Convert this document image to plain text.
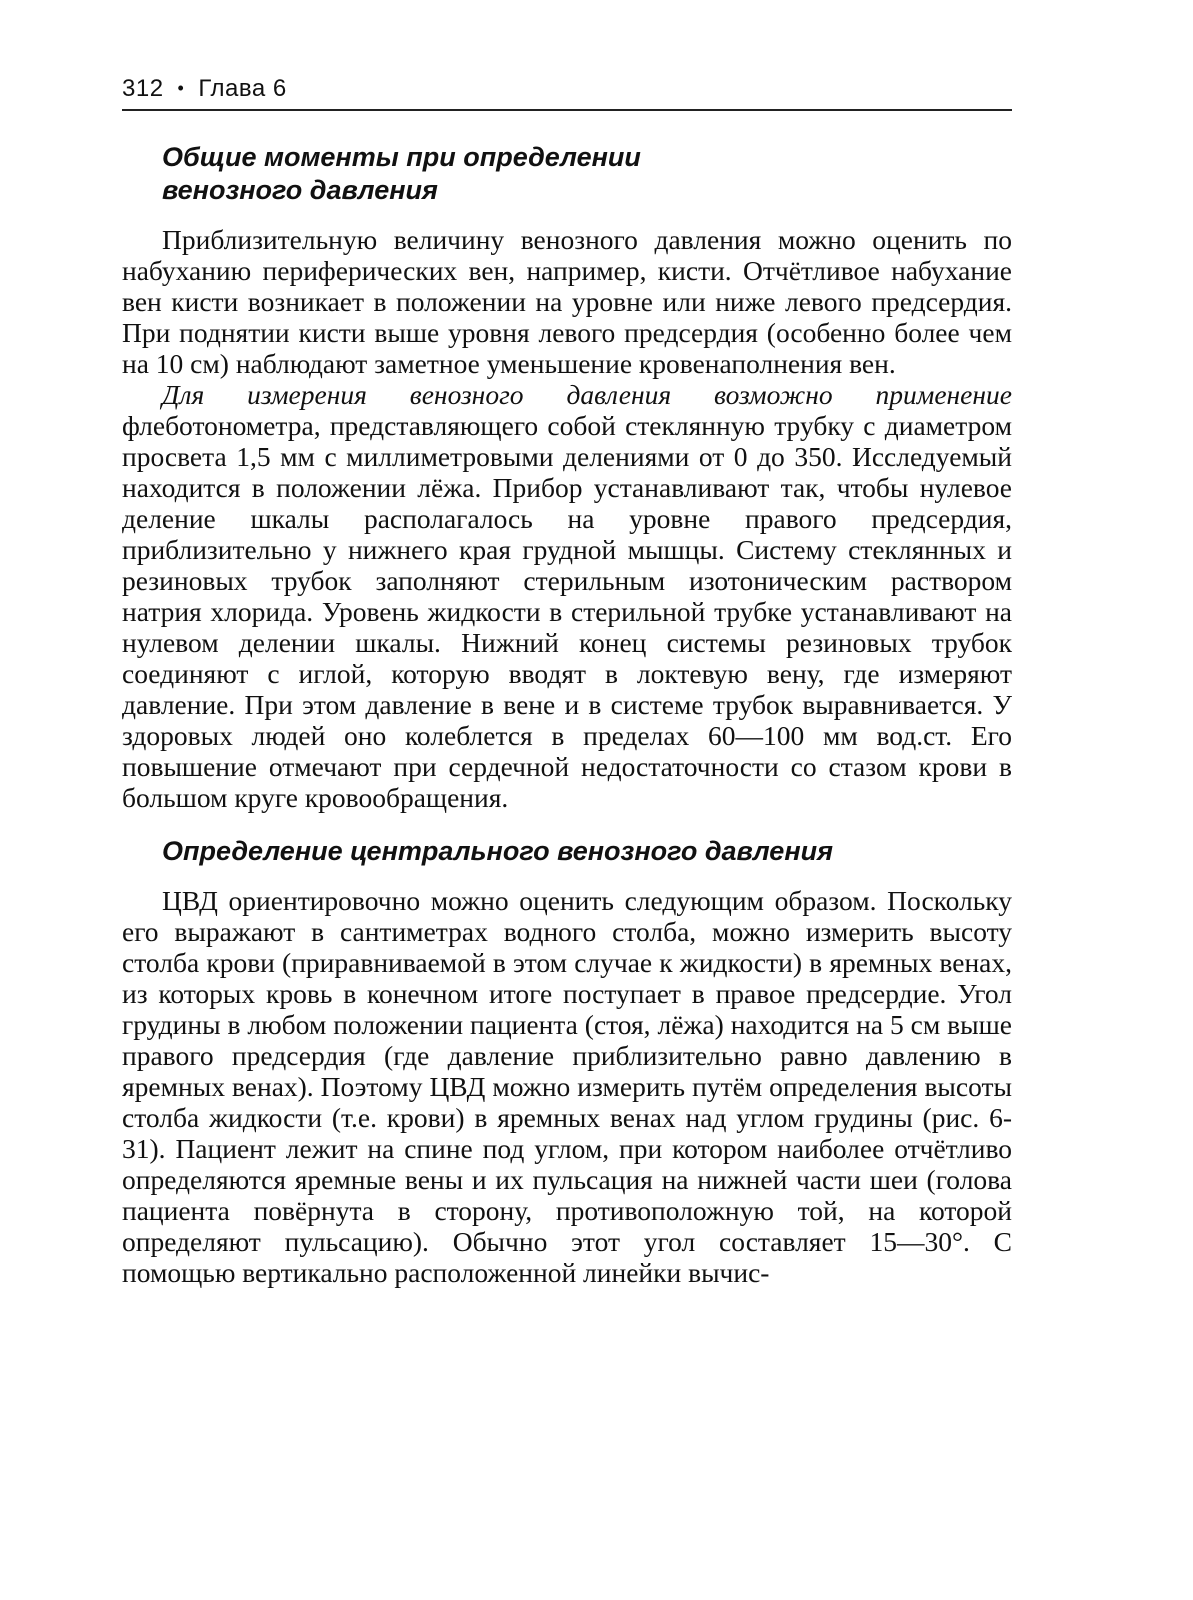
312 • Глава 6
Общие моменты при определении венозного давления

Приблизительную величину венозного давления можно оценить по набуханию периферических вен, например, кисти. Отчётливое набухание вен кисти возникает в положении на уровне или ниже левого предсердия. При поднятии кисти выше уровня левого предсердия (особенно более чем на 10 см) наблюдают заметное уменьшение кровенаполнения вен.

Для измерения венозного давления возможно применение флеботонометра, представляющего собой стеклянную трубку с диаметром просвета 1,5 мм с миллиметровыми делениями от 0 до 350. Исследуемый находится в положении лёжа. Прибор устанавливают так, чтобы нулевое деление шкалы располагалось на уровне правого предсердия, приблизительно у нижнего края грудной мышцы. Систему стеклянных и резиновых трубок заполняют стерильным изотоническим раствором натрия хлорида. Уровень жидкости в стерильной трубке устанавливают на нулевом делении шкалы. Нижний конец системы резиновых трубок соединяют с иглой, которую вводят в локтевую вену, где измеряют давление. При этом давление в вене и в системе трубок выравнивается. У здоровых людей оно колеблется в пределах 60—100 мм вод.ст. Его повышение отмечают при сердечной недостаточности со стазом крови в большом круге кровообращения.

Определение центрального венозного давления

ЦВД ориентировочно можно оценить следующим образом. Поскольку его выражают в сантиметрах водного столба, можно измерить высоту столба крови (приравниваемой в этом случае к жидкости) в яремных венах, из которых кровь в конечном итоге поступает в правое предсердие. Угол грудины в любом положении пациента (стоя, лёжа) находится на 5 см выше правого предсердия (где давление приблизительно равно давлению в яремных венах). Поэтому ЦВД можно измерить путём определения высоты столба жидкости (т.е. крови) в яремных венах над углом грудины (рис. 6-31). Пациент лежит на спине под углом, при котором наиболее отчётливо определяются яремные вены и их пульсация на нижней части шеи (голова пациента повёрнута в сторону, противоположную той, на которой определяют пульсацию). Обычно этот угол составляет 15—30°. С помощью вертикально расположенной линейки вычис-
